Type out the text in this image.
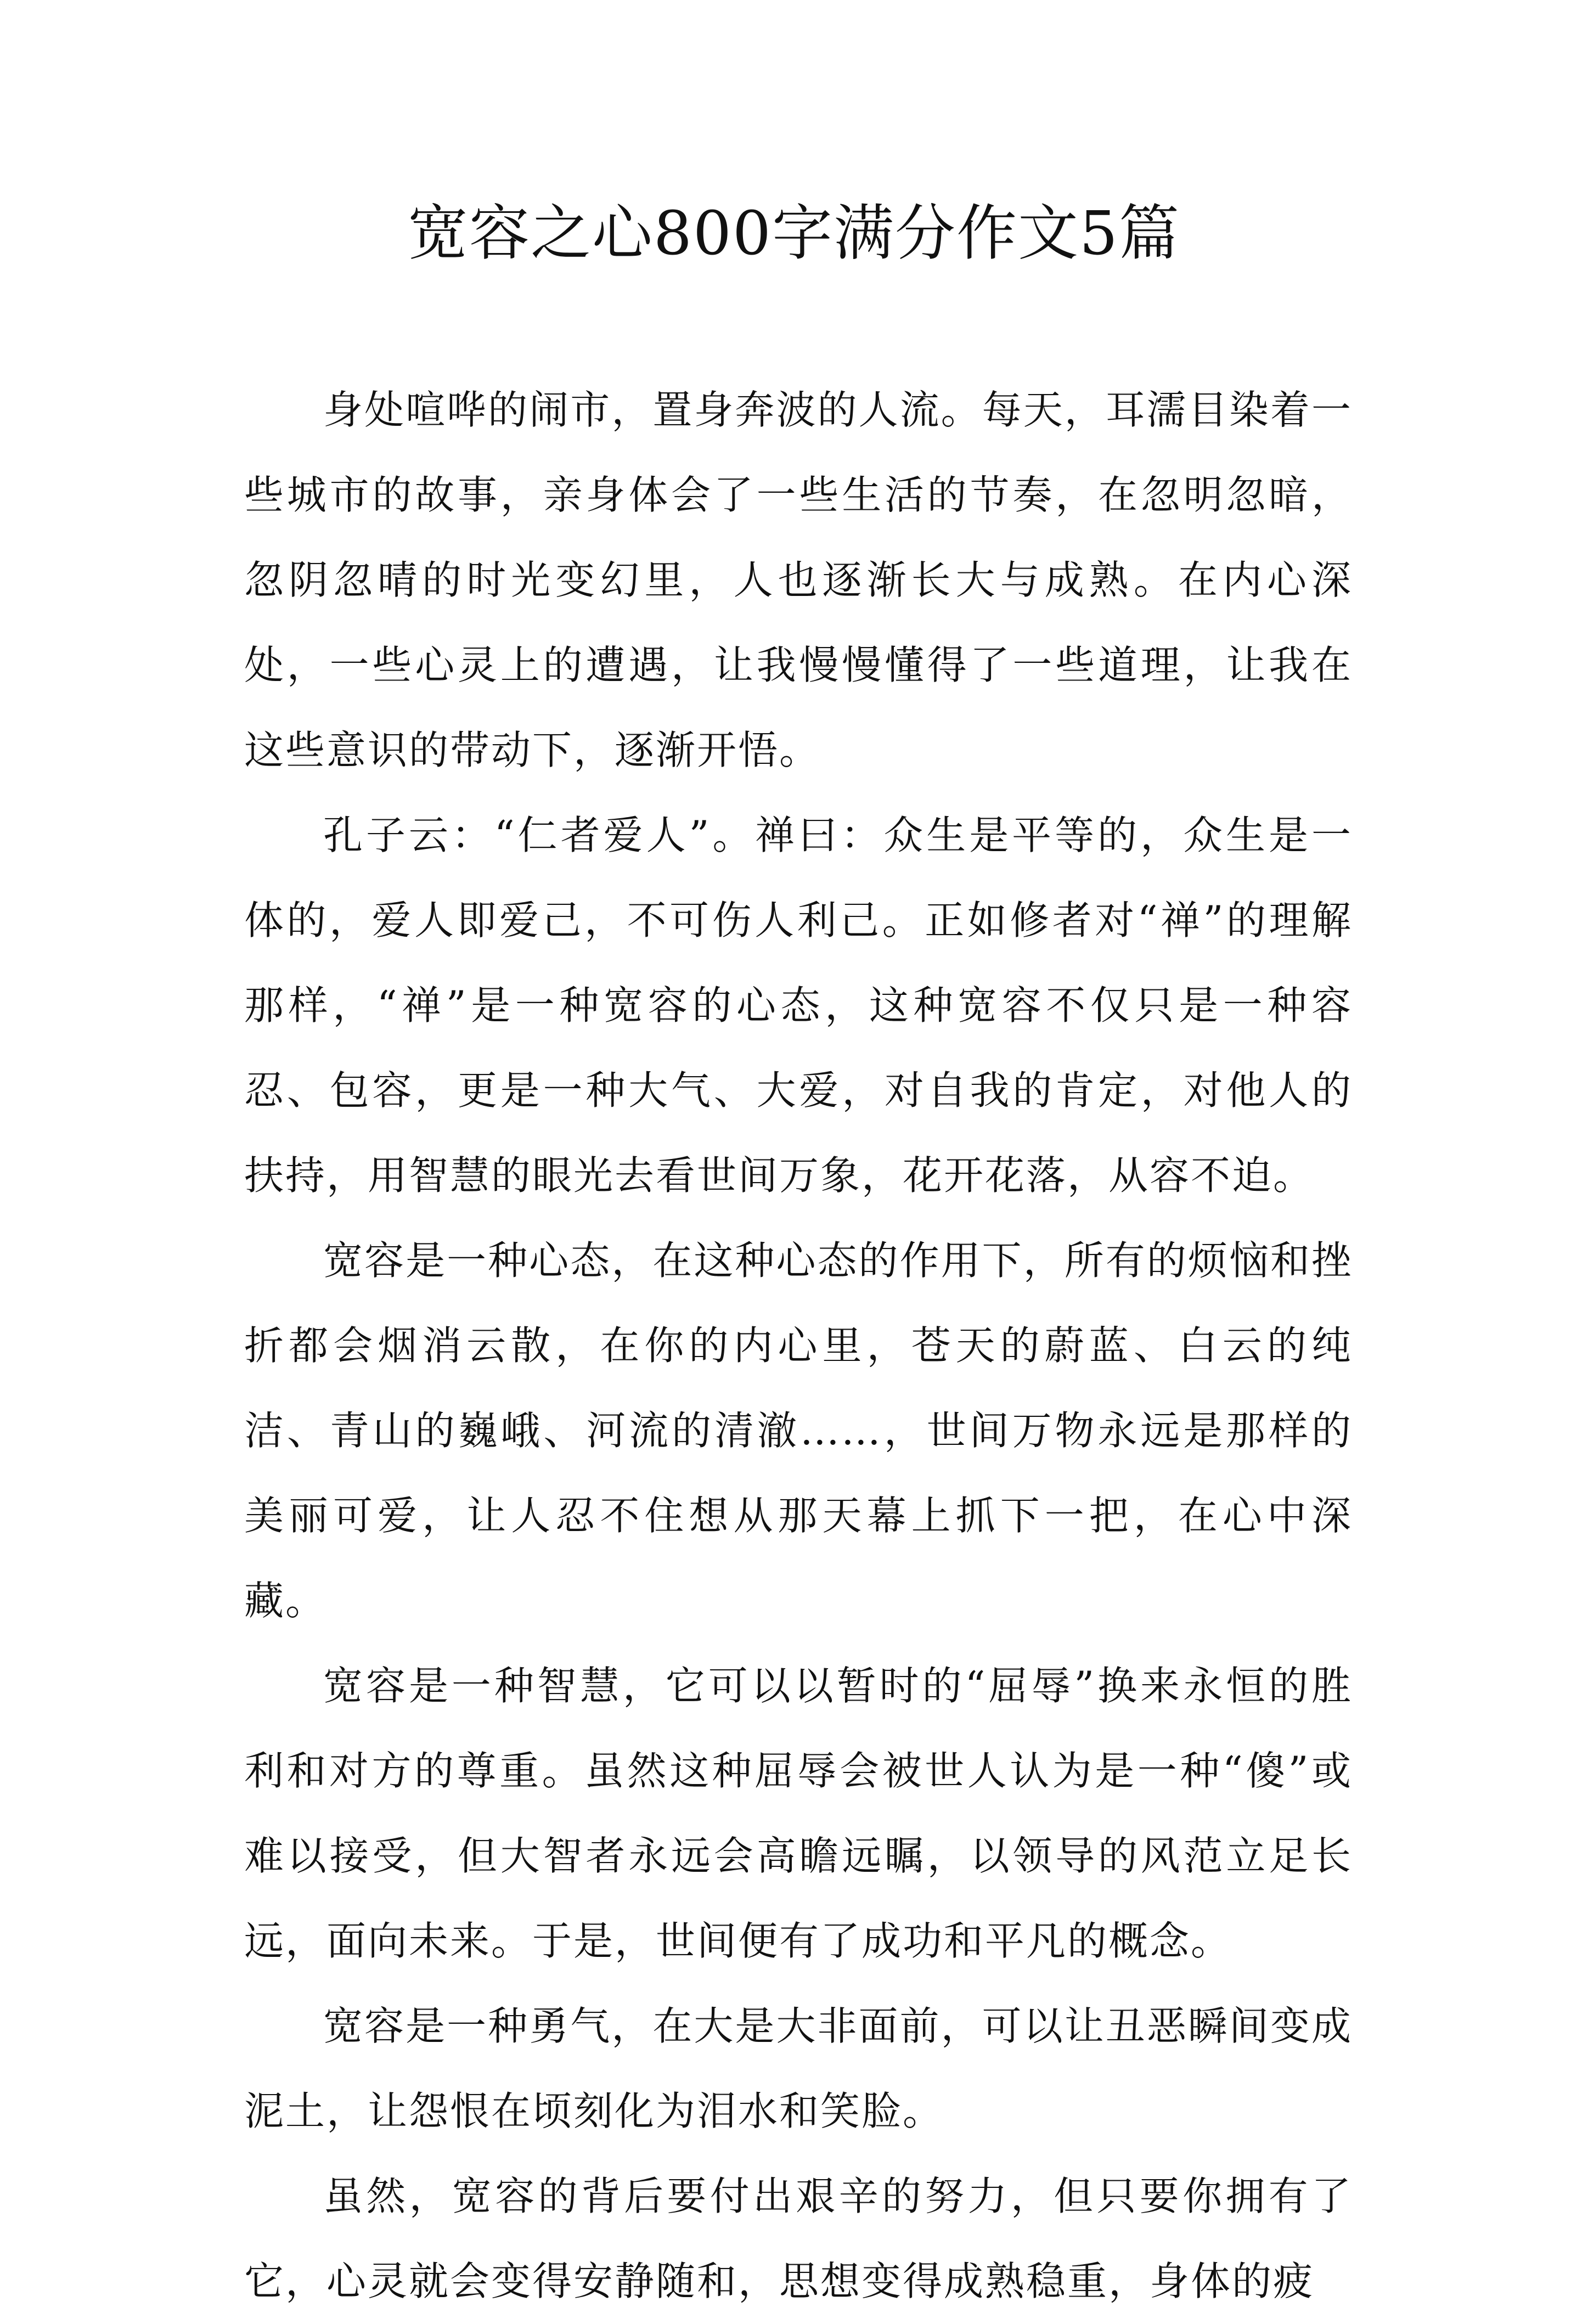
宽容之心800字满分作文5篇

身处喧哗的闹市，置身奔波的人流。每天，耳濡目染着一些城市的故事，亲身体会了一些生活的节奏，在忽明忽暗，忽阴忽晴的时光变幻里，人也逐渐长大与成熟。在内心深处，一些心灵上的遭遇，让我慢慢懂得了一些道理，让我在这些意识的带动下，逐渐开悟。

孔子云：“仁者爱人”。禅曰：众生是平等的，众生是一体的，爱人即爱己，不可伤人利己。正如修者对“禅”的理解那样，“禅”是一种宽容的心态，这种宽容不仅只是一种容忍、包容，更是一种大气、大爱，对自我的肯定，对他人的扶持，用智慧的眼光去看世间万象，花开花落，从容不迫。

宽容是一种心态，在这种心态的作用下，所有的烦恼和挫折都会烟消云散，在你的内心里，苍天的蔚蓝、白云的纯洁、青山的巍峨、河流的清澈……，世间万物永远是那样的美丽可爱，让人忍不住想从那天幕上抓下一把，在心中深藏。

宽容是一种智慧，它可以以暂时的“屈辱”换来永恒的胜利和对方的尊重。虽然这种屈辱会被世人认为是一种“傻”或难以接受，但大智者永远会高瞻远瞩，以领导的风范立足长远，面向未来。于是，世间便有了成功和平凡的概念。

宽容是一种勇气，在大是大非面前，可以让丑恶瞬间变成泥土，让怨恨在顷刻化为泪水和笑脸。

虽然，宽容的背后要付出艰辛的努力，但只要你拥有了它，心灵就会变得安静随和，思想变得成熟稳重，身体的疲
